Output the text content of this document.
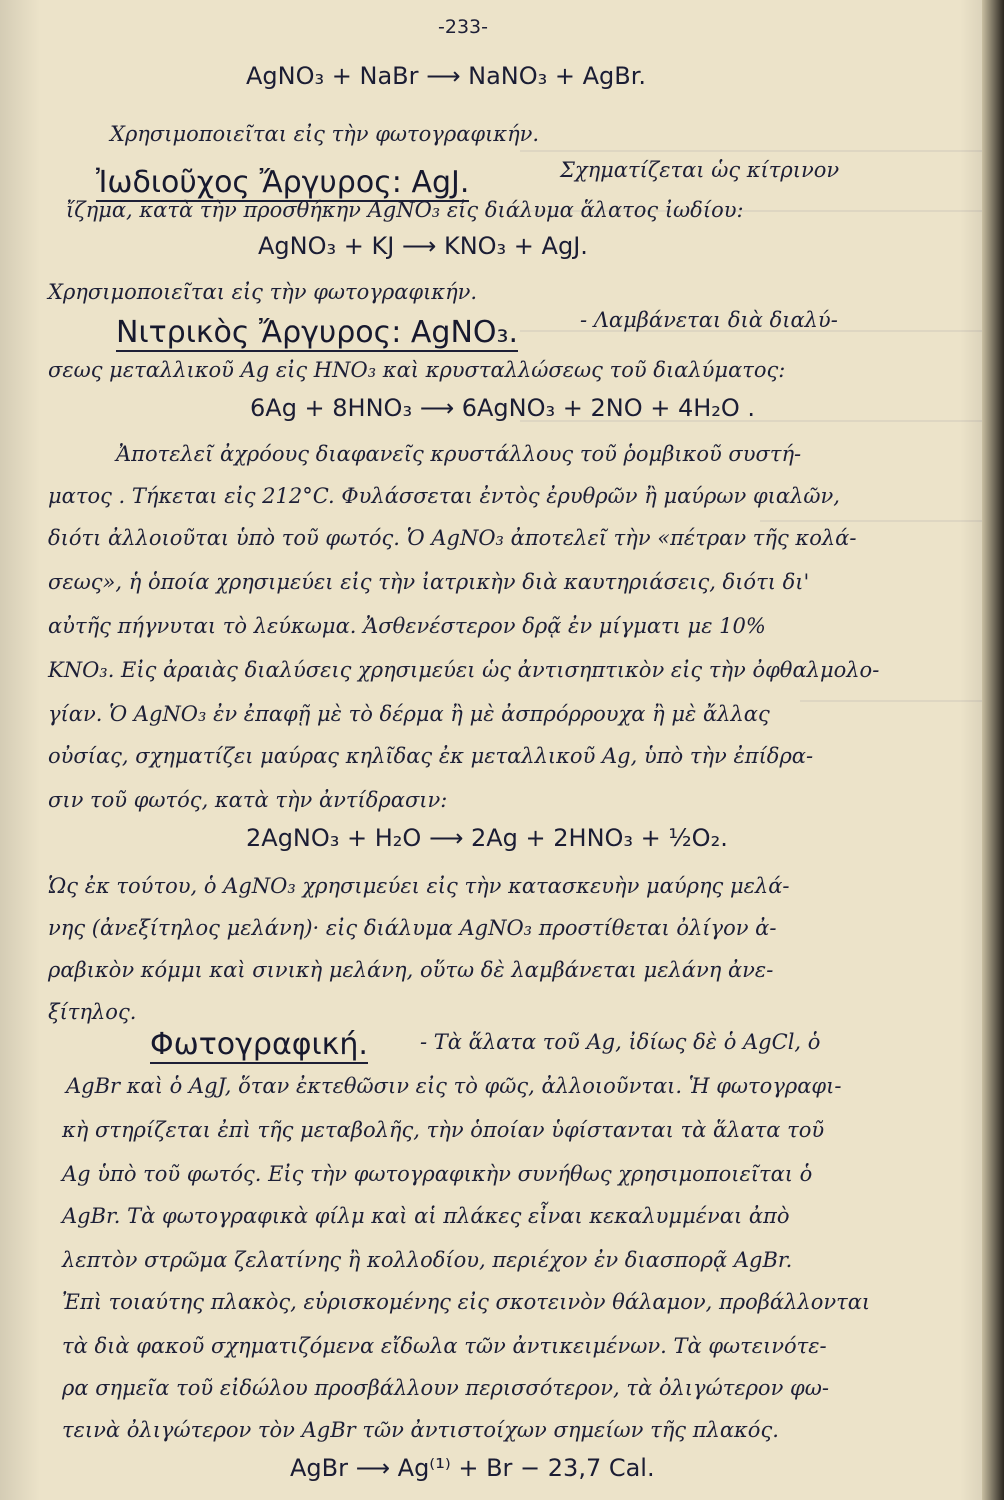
-233-
AgNO₃ + NaBr ⟶ NaNO₃ + AgBr.
Χρησιμοποιεῖται εἰς τὴν φωτογραφικήν.
Ἰωδιοῦχος Ἄργυρος: AgJ.	Σχηματίζεται ὡς κίτρινον
ἴζημα, κατὰ τὴν προσθήκην AgNO₃ εἰς διάλυμα ἅλατος ἰωδίου:
AgNO₃ + KJ ⟶ KNO₃ + AgJ.
Χρησιμοποιεῖται εἰς τὴν φωτογραφικήν.
Νιτρικὸς Ἄργυρος: AgNO₃.	- Λαμβάνεται διὰ διαλύ-
σεως μεταλλικοῦ Ag εἰς HNO₃ καὶ κρυσταλλώσεως τοῦ διαλύματος:
6Ag + 8HNO₃ ⟶ 6AgNO₃ + 2NO + 4H₂O .
Ἀποτελεῖ ἀχρόους διαφανεῖς κρυστάλλους τοῦ ῥομβικοῦ συστή-
ματος . Τήκεται εἰς 212°C. Φυλάσσεται ἐντὸς ἐρυθρῶν ἢ μαύρων φιαλῶν,
διότι ἀλλοιοῦται ὑπὸ τοῦ φωτός. Ὁ AgNO₃ ἀποτελεῖ τὴν «πέτραν τῆς κολά-
σεως», ἡ ὁποία χρησιμεύει εἰς τὴν ἰατρικὴν διὰ καυτηριάσεις, διότι δι'
αὐτῆς πήγνυται τὸ λεύκωμα. Ἀσθενέστερον δρᾷ ἐν μίγματι με 10%
KNO₃. Εἰς ἀραιὰς διαλύσεις χρησιμεύει ὡς ἀντισηπτικὸν εἰς τὴν ὀφθαλμολο-
γίαν. Ὁ AgNO₃ ἐν ἐπαφῇ μὲ τὸ δέρμα ἢ μὲ ἀσπρόρρουχα ἢ μὲ ἄλλας
οὐσίας, σχηματίζει μαύρας κηλῖδας ἐκ μεταλλικοῦ Ag, ὑπὸ τὴν ἐπίδρα-
σιν τοῦ φωτός, κατὰ τὴν ἀντίδρασιν:
2AgNO₃ + H₂O ⟶ 2Ag + 2HNO₃ + ½O₂.
Ὡς ἐκ τούτου, ὁ AgNO₃ χρησιμεύει εἰς τὴν κατασκευὴν μαύρης μελά-
νης (ἀνεξίτηλος μελάνη)· εἰς διάλυμα AgNO₃ προστίθεται ὀλίγον ἀ-
ραβικὸν κόμμι καὶ σινικὴ μελάνη, οὕτω δὲ λαμβάνεται μελάνη ἀνε-
ξίτηλος.
Φωτογραφική. - Τὰ ἅλατα τοῦ Ag, ἰδίως δὲ ὁ AgCl, ὁ
AgBr καὶ ὁ AgJ, ὅταν ἐκτεθῶσιν εἰς τὸ φῶς, ἀλλοιοῦνται. Ἡ φωτογραφι-
κὴ στηρίζεται ἐπὶ τῆς μεταβολῆς, τὴν ὁποίαν ὑφίστανται τὰ ἅλατα τοῦ
Ag ὑπὸ τοῦ φωτός. Εἰς τὴν φωτογραφικὴν συνήθως χρησιμοποιεῖται ὁ
AgBr. Τὰ φωτογραφικὰ φίλμ καὶ αἱ πλάκες εἶναι κεκαλυμμέναι ἀπὸ
λεπτὸν στρῶμα ζελατίνης ἢ κολλοδίου, περιέχον ἐν διασπορᾷ AgBr.
Ἐπὶ τοιαύτης πλακὸς, εὑρισκομένης εἰς σκοτεινὸν θάλαμον, προβάλλονται
τὰ διὰ φακοῦ σχηματιζόμενα εἴδωλα τῶν ἀντικειμένων. Τὰ φωτεινότε-
ρα σημεῖα τοῦ εἰδώλου προσβάλλουν περισσότερον, τὰ ὀλιγώτερον φω-
τεινὰ ὀλιγώτερον τὸν AgBr τῶν ἀντιστοίχων σημείων τῆς πλακός.
AgBr ⟶ Ag⁽¹⁾ + Br − 23,7 Cal.
